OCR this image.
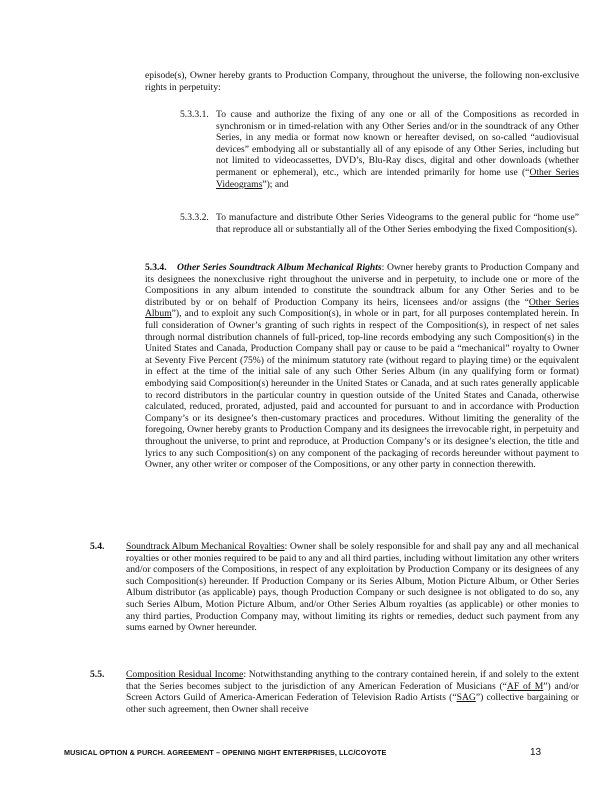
episode(s), Owner hereby grants to Production Company, throughout the universe, the following non-exclusive rights in perpetuity:
5.3.3.1. To cause and authorize the fixing of any one or all of the Compositions as recorded in synchronism or in timed-relation with any Other Series and/or in the soundtrack of any Other Series, in any media or format now known or hereafter devised, on so-called “audiovisual devices” embodying all or substantially all of any episode of any Other Series, including but not limited to videocassettes, DVD’s, Blu-Ray discs, digital and other downloads (whether permanent or ephemeral), etc., which are intended primarily for home use (“Other Series Videograms”); and
5.3.3.2. To manufacture and distribute Other Series Videograms to the general public for “home use” that reproduce all or substantially all of the Other Series embodying the fixed Composition(s).
5.3.4. Other Series Soundtrack Album Mechanical Rights: Owner hereby grants to Production Company and its designees the nonexclusive right throughout the universe and in perpetuity, to include one or more of the Compositions in any album intended to constitute the soundtrack album for any Other Series and to be distributed by or on behalf of Production Company its heirs, licensees and/or assigns (the “Other Series Album”), and to exploit any such Composition(s), in whole or in part, for all purposes contemplated herein. In full consideration of Owner’s granting of such rights in respect of the Composition(s), in respect of net sales through normal distribution channels of full-priced, top-line records embodying any such Composition(s) in the United States and Canada, Production Company shall pay or cause to be paid a “mechanical” royalty to Owner at Seventy Five Percent (75%) of the minimum statutory rate (without regard to playing time) or the equivalent in effect at the time of the initial sale of any such Other Series Album (in any qualifying form or format) embodying said Composition(s) hereunder in the United States or Canada, and at such rates generally applicable to record distributors in the particular country in question outside of the United States and Canada, otherwise calculated, reduced, prorated, adjusted, paid and accounted for pursuant to and in accordance with Production Company’s or its designee’s then-customary practices and procedures. Without limiting the generality of the foregoing, Owner hereby grants to Production Company and its designees the irrevocable right, in perpetuity and throughout the universe, to print and reproduce, at Production Company’s or its designee’s election, the title and lyrics to any such Composition(s) on any component of the packaging of records hereunder without payment to Owner, any other writer or composer of the Compositions, or any other party in connection therewith.
5.4. Soundtrack Album Mechanical Royalties: Owner shall be solely responsible for and shall pay any and all mechanical royalties or other monies required to be paid to any and all third parties, including without limitation any other writers and/or composers of the Compositions, in respect of any exploitation by Production Company or its designees of any such Composition(s) hereunder. If Production Company or its Series Album, Motion Picture Album, or Other Series Album distributor (as applicable) pays, though Production Company or such designee is not obligated to do so, any such Series Album, Motion Picture Album, and/or Other Series Album royalties (as applicable) or other monies to any third parties, Production Company may, without limiting its rights or remedies, deduct such payment from any sums earned by Owner hereunder.
5.5. Composition Residual Income: Notwithstanding anything to the contrary contained herein, if and solely to the extent that the Series becomes subject to the jurisdiction of any American Federation of Musicians (“AF of M”) and/or Screen Actors Guild of America-American Federation of Television Radio Artists (“SAG”) collective bargaining or other such agreement, then Owner shall receive
MUSICAL OPTION & PURCH. AGREEMENT – OPENING NIGHT ENTERPRISES, LLC/COYOTE	13
